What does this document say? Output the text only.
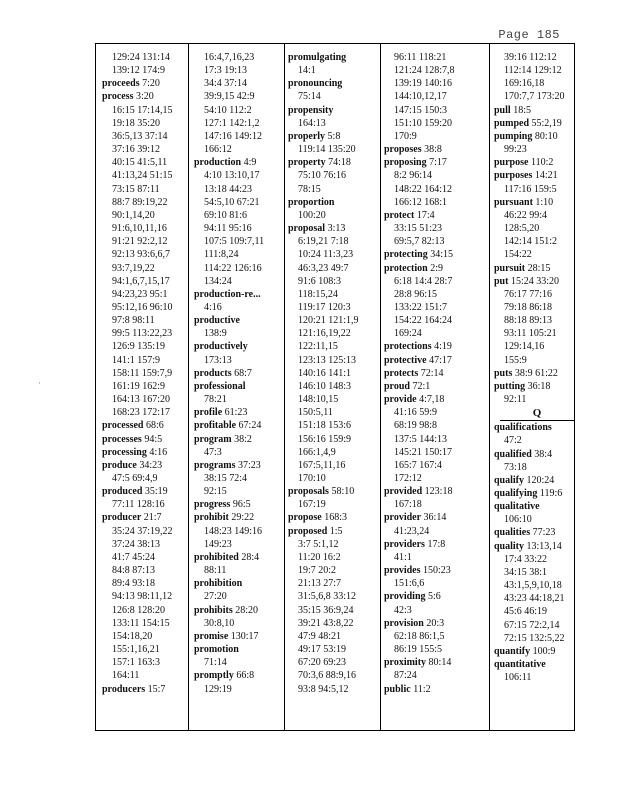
Page 185
129:24 131:14
139:12 174:9
proceeds 7:20
process 3:20
16:15 17:14,15
19:18 35:20
36:5,13 37:14
37:16 39:12
40:15 41:5,11
41:13,24 51:15
73:15 87:11
88:7 89:19,22
90:1,14,20
91:6,10,11,16
91:21 92:2,12
92:13 93:6,6,7
93:7,19,22
94:1,6,7,15,17
94:23,23 95:1
95:12,16 96:10
97:8 98:11
99:5 113:22,23
126:9 135:19
141:1 157:9
158:11 159:7,9
161:19 162:9
164:13 167:20
168:23 172:17
processed 68:6
processes 94:5
processing 4:16
produce 34:23
47:5 69:4,9
produced 35:19
77:11 128:16
producer 21:7
35:24 37:19,22
37:24 38:13
41:7 45:24
84:8 87:13
89:4 93:18
94:13 98:11,12
126:8 128:20
133:11 154:15
154:18,20
155:1,16,21
157:1 163:3
164:11
producers 15:7
16:4,7,16,23
17:3 19:13
34:4 37:14
39:9,15 42:9
54:10 112:2
127:1 142:1,2
147:16 149:12
166:12
production 4:9
4:10 13:10,17
13:18 44:23
54:5,10 67:21
69:10 81:6
94:11 95:16
107:5 109:7,11
111:8,24
114:22 126:16
134:24
production-re...
4:16
productive
138:9
productively
173:13
products 68:7
professional
78:21
profile 61:23
profitable 67:24
program 38:2
47:3
programs 37:23
38:15 72:4
92:15
progress 96:5
prohibit 29:22
148:23 149:16
149:23
prohibited 28:4
88:11
prohibition
27:20
prohibits 28:20
30:8,10
promise 130:17
promotion
71:14
promptly 66:8
129:19
promulgating
14:1
pronouncing
75:14
propensity
164:13
properly 5:8
119:14 135:20
property 74:18
75:10 76:16
78:15
proportion
100:20
proposal 3:13
6:19,21 7:18
10:24 11:3,23
46:3,23 49:7
91:6 108:3
118:15,24
119:17 120:3
120:21 121:1,9
121:16,19,22
122:11,15
123:13 125:13
140:16 141:1
146:10 148:3
148:10,15
150:5,11
151:18 153:6
156:16 159:9
166:1,4,9
167:5,11,16
170:10
proposals 58:10
167:19
propose 168:3
proposed 1:5
3:7 5:1,12
11:20 16:2
19:7 20:2
21:13 27:7
31:5,6,8 33:12
35:15 36:9,24
39:21 43:8,22
47:9 48:21
49:17 53:19
67:20 69:23
70:3,6 88:9,16
93:8 94:5,12
96:11 118:21
121:24 128:7,8
139:19 140:16
144:10,12,17
147:15 150:3
151:10 159:20
170:9
proposes 38:8
proposing 7:17
8:2 96:14
148:22 164:12
166:12 168:1
protect 17:4
33:15 51:23
69:5,7 82:13
protecting 34:15
protection 2:9
6:18 14:4 28:7
28:8 96:15
133:22 151:7
154:22 164:24
169:24
protections 4:19
protective 47:17
protects 72:14
proud 72:1
provide 4:7,18
41:16 59:9
68:19 98:8
137:5 144:13
145:21 150:17
165:7 167:4
172:12
provided 123:18
167:18
provider 36:14
41:23,24
providers 17:8
41:1
provides 150:23
151:6,6
providing 5:6
42:3
provision 20:3
62:18 86:1,5
86:19 155:5
proximity 80:14
87:24
public 11:2
39:16 112:12
112:14 129:12
169:16,18
170:7,7 173:20
pull 18:5
pumped 55:2,19
pumping 80:10
99:23
purpose 110:2
purposes 14:21
117:16 159:5
pursuant 1:10
46:22 99:4
128:5,20
142:14 151:2
154:22
pursuit 28:15
put 15:24 33:20
76:17 77:16
79:18 86:18
88:18 89:13
93:11 105:21
129:14,16
155:9
puts 38:9 61:22
putting 36:18
92:11
Q
qualifications
47:2
qualified 38:4
73:18
qualify 120:24
qualifying 119:6
qualitative
106:10
qualities 77:23
quality 13:13,14
17:4 33:22
34:15 38:1
43:1,5,9,10,18
43:23 44:18,21
45:6 46:19
67:15 72:2,14
72:15 132:5,22
quantify 100:9
quantitative
106:11
·
